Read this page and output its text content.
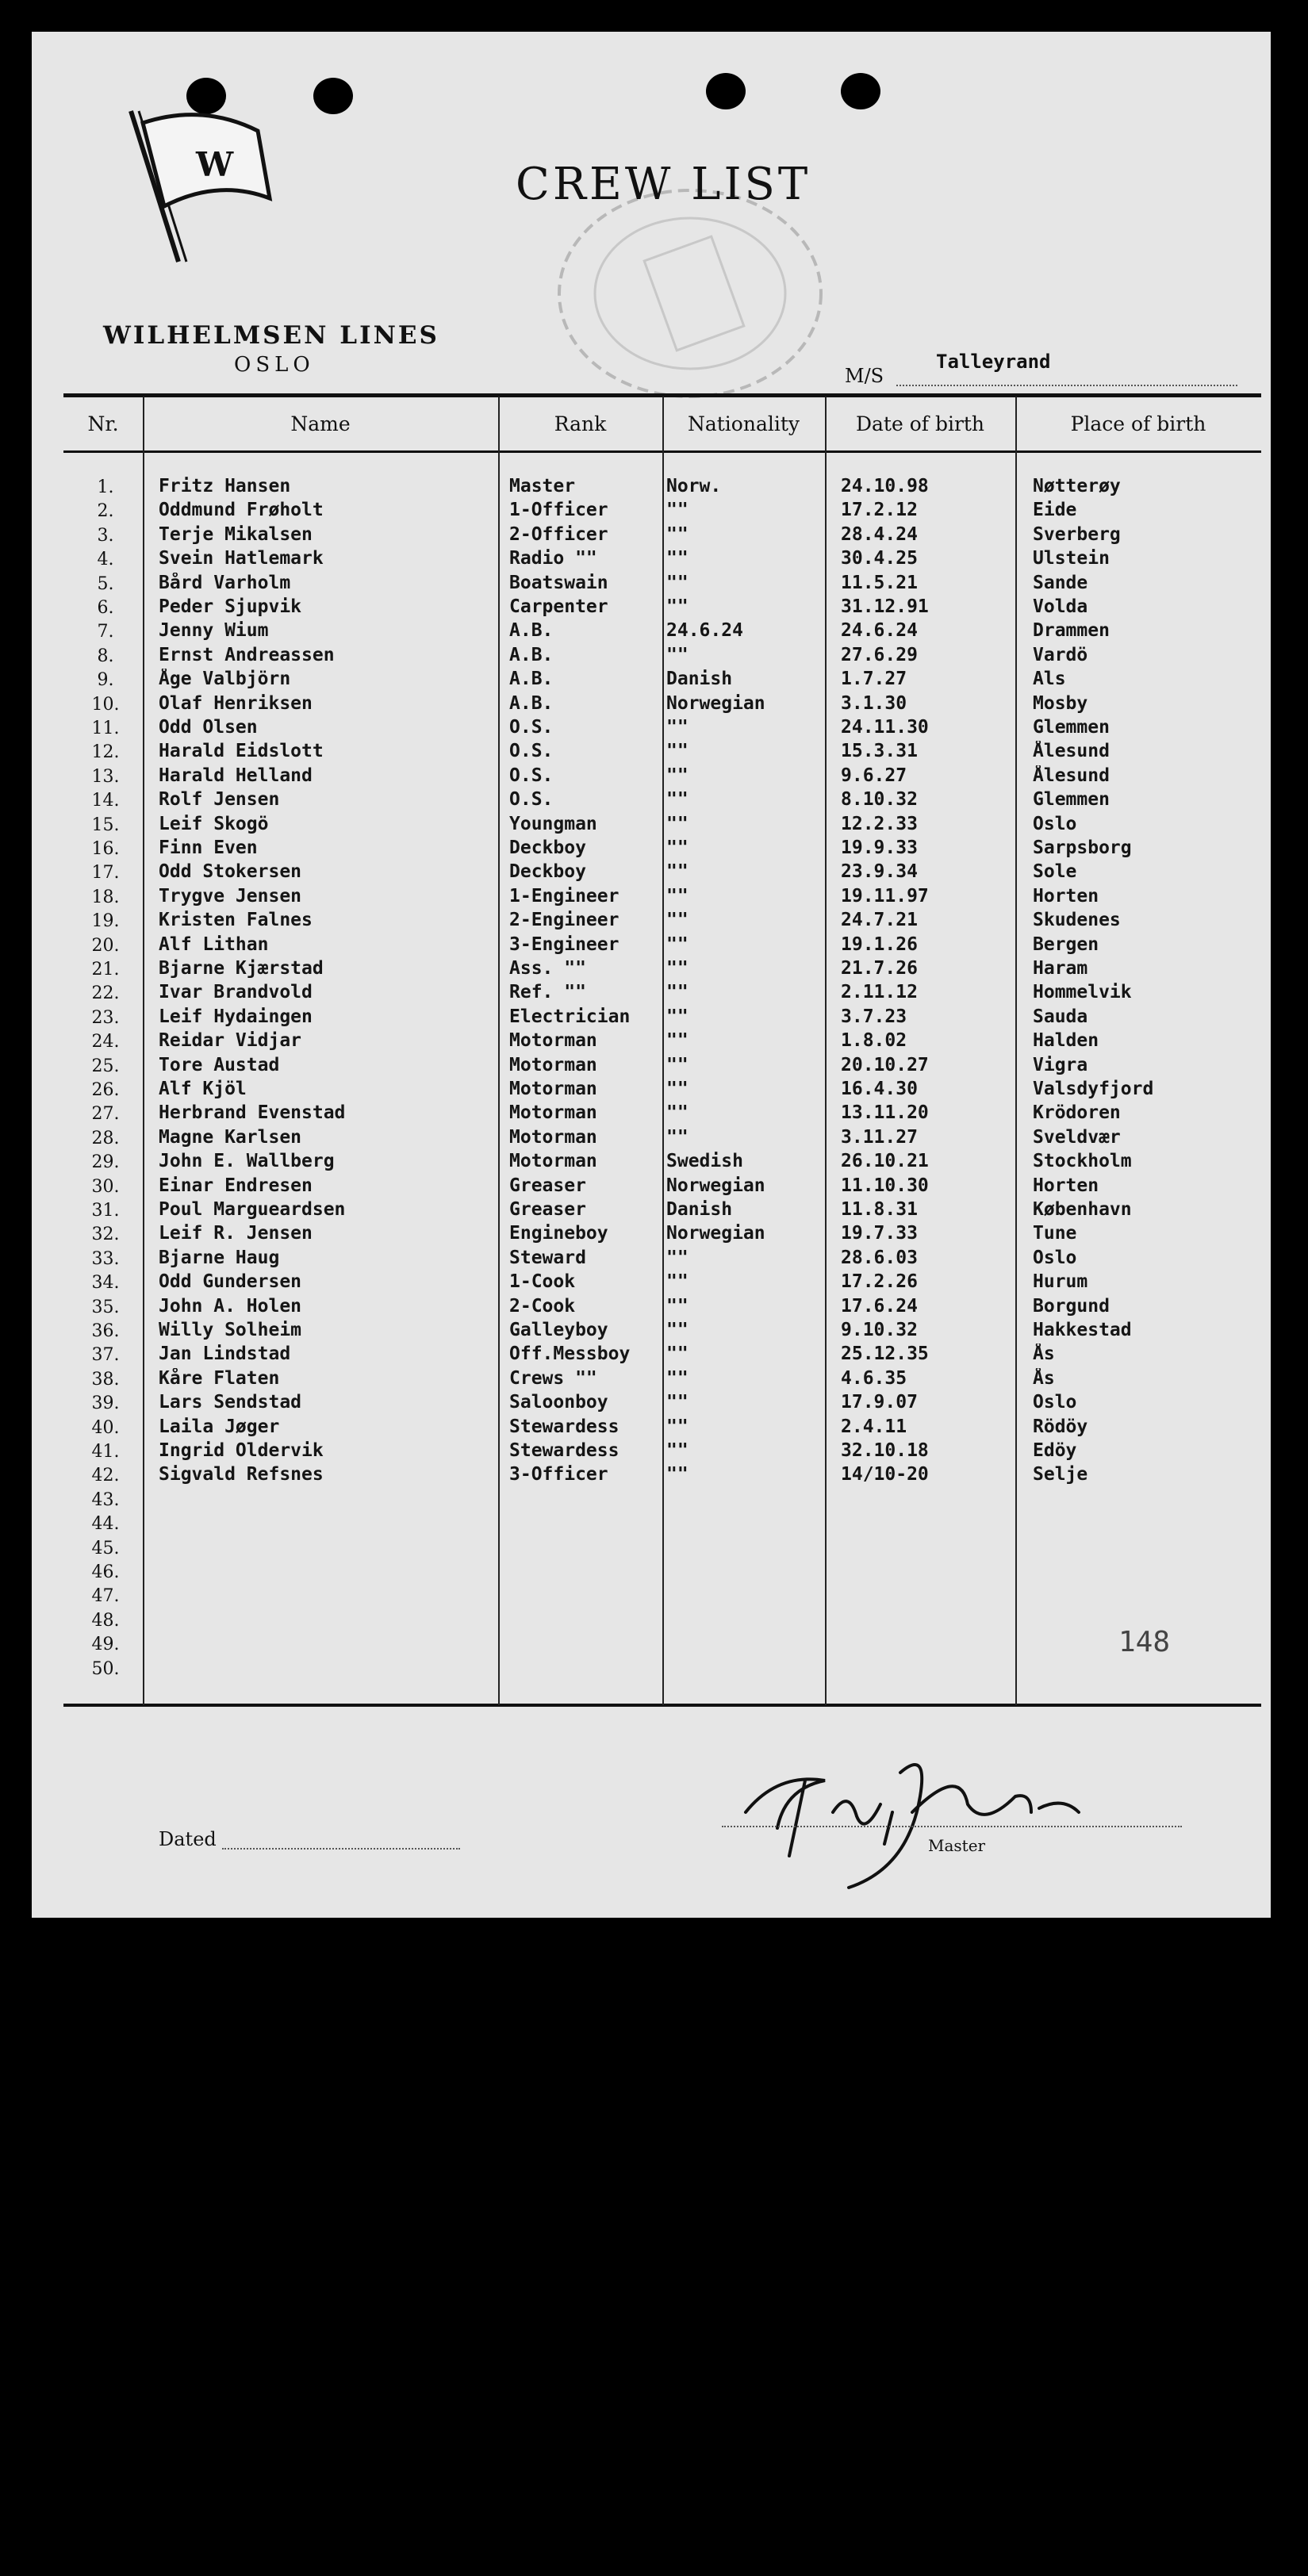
W	CREW LIST
WILHELMSEN LINES
OSLO	M/S
Talleyrand
Nr.	Name	Rank	Nationality	Date of birth	Place of birth
1.	Fritz Hansen	Master	Norw.	24.10.98	Nøtterøy
2.	Oddmund Frøholt	1-Officer	""	17.2.12	Eide
3.	Terje Mikalsen	2-Officer	""	28.4.24	Sverberg
4.	Svein Hatlemark	Radio ""	""	30.4.25	Ulstein
5.	Bård Varholm	Boatswain	""	11.5.21	Sande
6.	Peder Sjupvik	Carpenter	""	31.12.91	Volda
7.	Jenny Wium	A.B.	24.6.24	24.6.24	Drammen
8.	Ernst Andreassen	A.B.	""	27.6.29	Vardö
9.	Åge Valbjörn	A.B.	Danish	1.7.27	Als
10.	Olaf Henriksen	A.B.	Norwegian	3.1.30	Mosby
11.	Odd Olsen	O.S.	""	24.11.30	Glemmen
12.	Harald Eidslott	O.S.	""	15.3.31	Ålesund
13.	Harald Helland	O.S.	""	9.6.27	Ålesund
14.	Rolf Jensen	O.S.	""	8.10.32	Glemmen
15.	Leif Skogö	Youngman	""	12.2.33	Oslo
16.	Finn Even	Deckboy	""	19.9.33	Sarpsborg
17.	Odd Stokersen	Deckboy	""	23.9.34	Sole
18.	Trygve Jensen	1-Engineer	""	19.11.97	Horten
19.	Kristen Falnes	2-Engineer	""	24.7.21	Skudenes
20.	Alf Lithan	3-Engineer	""	19.1.26	Bergen
21.	Bjarne Kjærstad	Ass. ""	""	21.7.26	Haram
22.	Ivar Brandvold	Ref. ""	""	2.11.12	Hommelvik
23.	Leif Hydaingen	Electrician	""	3.7.23	Sauda
24.	Reidar Vidjar	Motorman	""	1.8.02	Halden
25.	Tore Austad	Motorman	""	20.10.27	Vigra
26.	Alf Kjöl	Motorman	""	16.4.30	Valsdyfjord
27.	Herbrand Evenstad	Motorman	""	13.11.20	Krödoren
28.	Magne Karlsen	Motorman	""	3.11.27	Sveldvær
29.	John E. Wallberg	Motorman	Swedish	26.10.21	Stockholm
30.	Einar Endresen	Greaser	Norwegian	11.10.30	Horten
31.	Poul Margueardsen	Greaser	Danish	11.8.31	København
32.	Leif R. Jensen	Engineboy	Norwegian	19.7.33	Tune
33.	Bjarne Haug	Steward	""	28.6.03	Oslo
34.	Odd Gundersen	1-Cook	""	17.2.26	Hurum
35.	John A. Holen	2-Cook	""	17.6.24	Borgund
36.	Willy Solheim	Galleyboy	""	9.10.32	Hakkestad
37.	Jan Lindstad	Off.Messboy	""	25.12.35	Ås
38.	Kåre Flaten	Crews ""	""	4.6.35	Ås
39.	Lars Sendstad	Saloonboy	""	17.9.07	Oslo
40.	Laila Jøger	Stewardess	""	2.4.11	Rödöy
41.	Ingrid Oldervik	Stewardess	""	32.10.18	Edöy
42.	Sigvald Refsnes	3-Officer	""	14/10-20	Selje
43.
44.
45.
46.
47.
48.
49.
50.
148
Dated	Master
